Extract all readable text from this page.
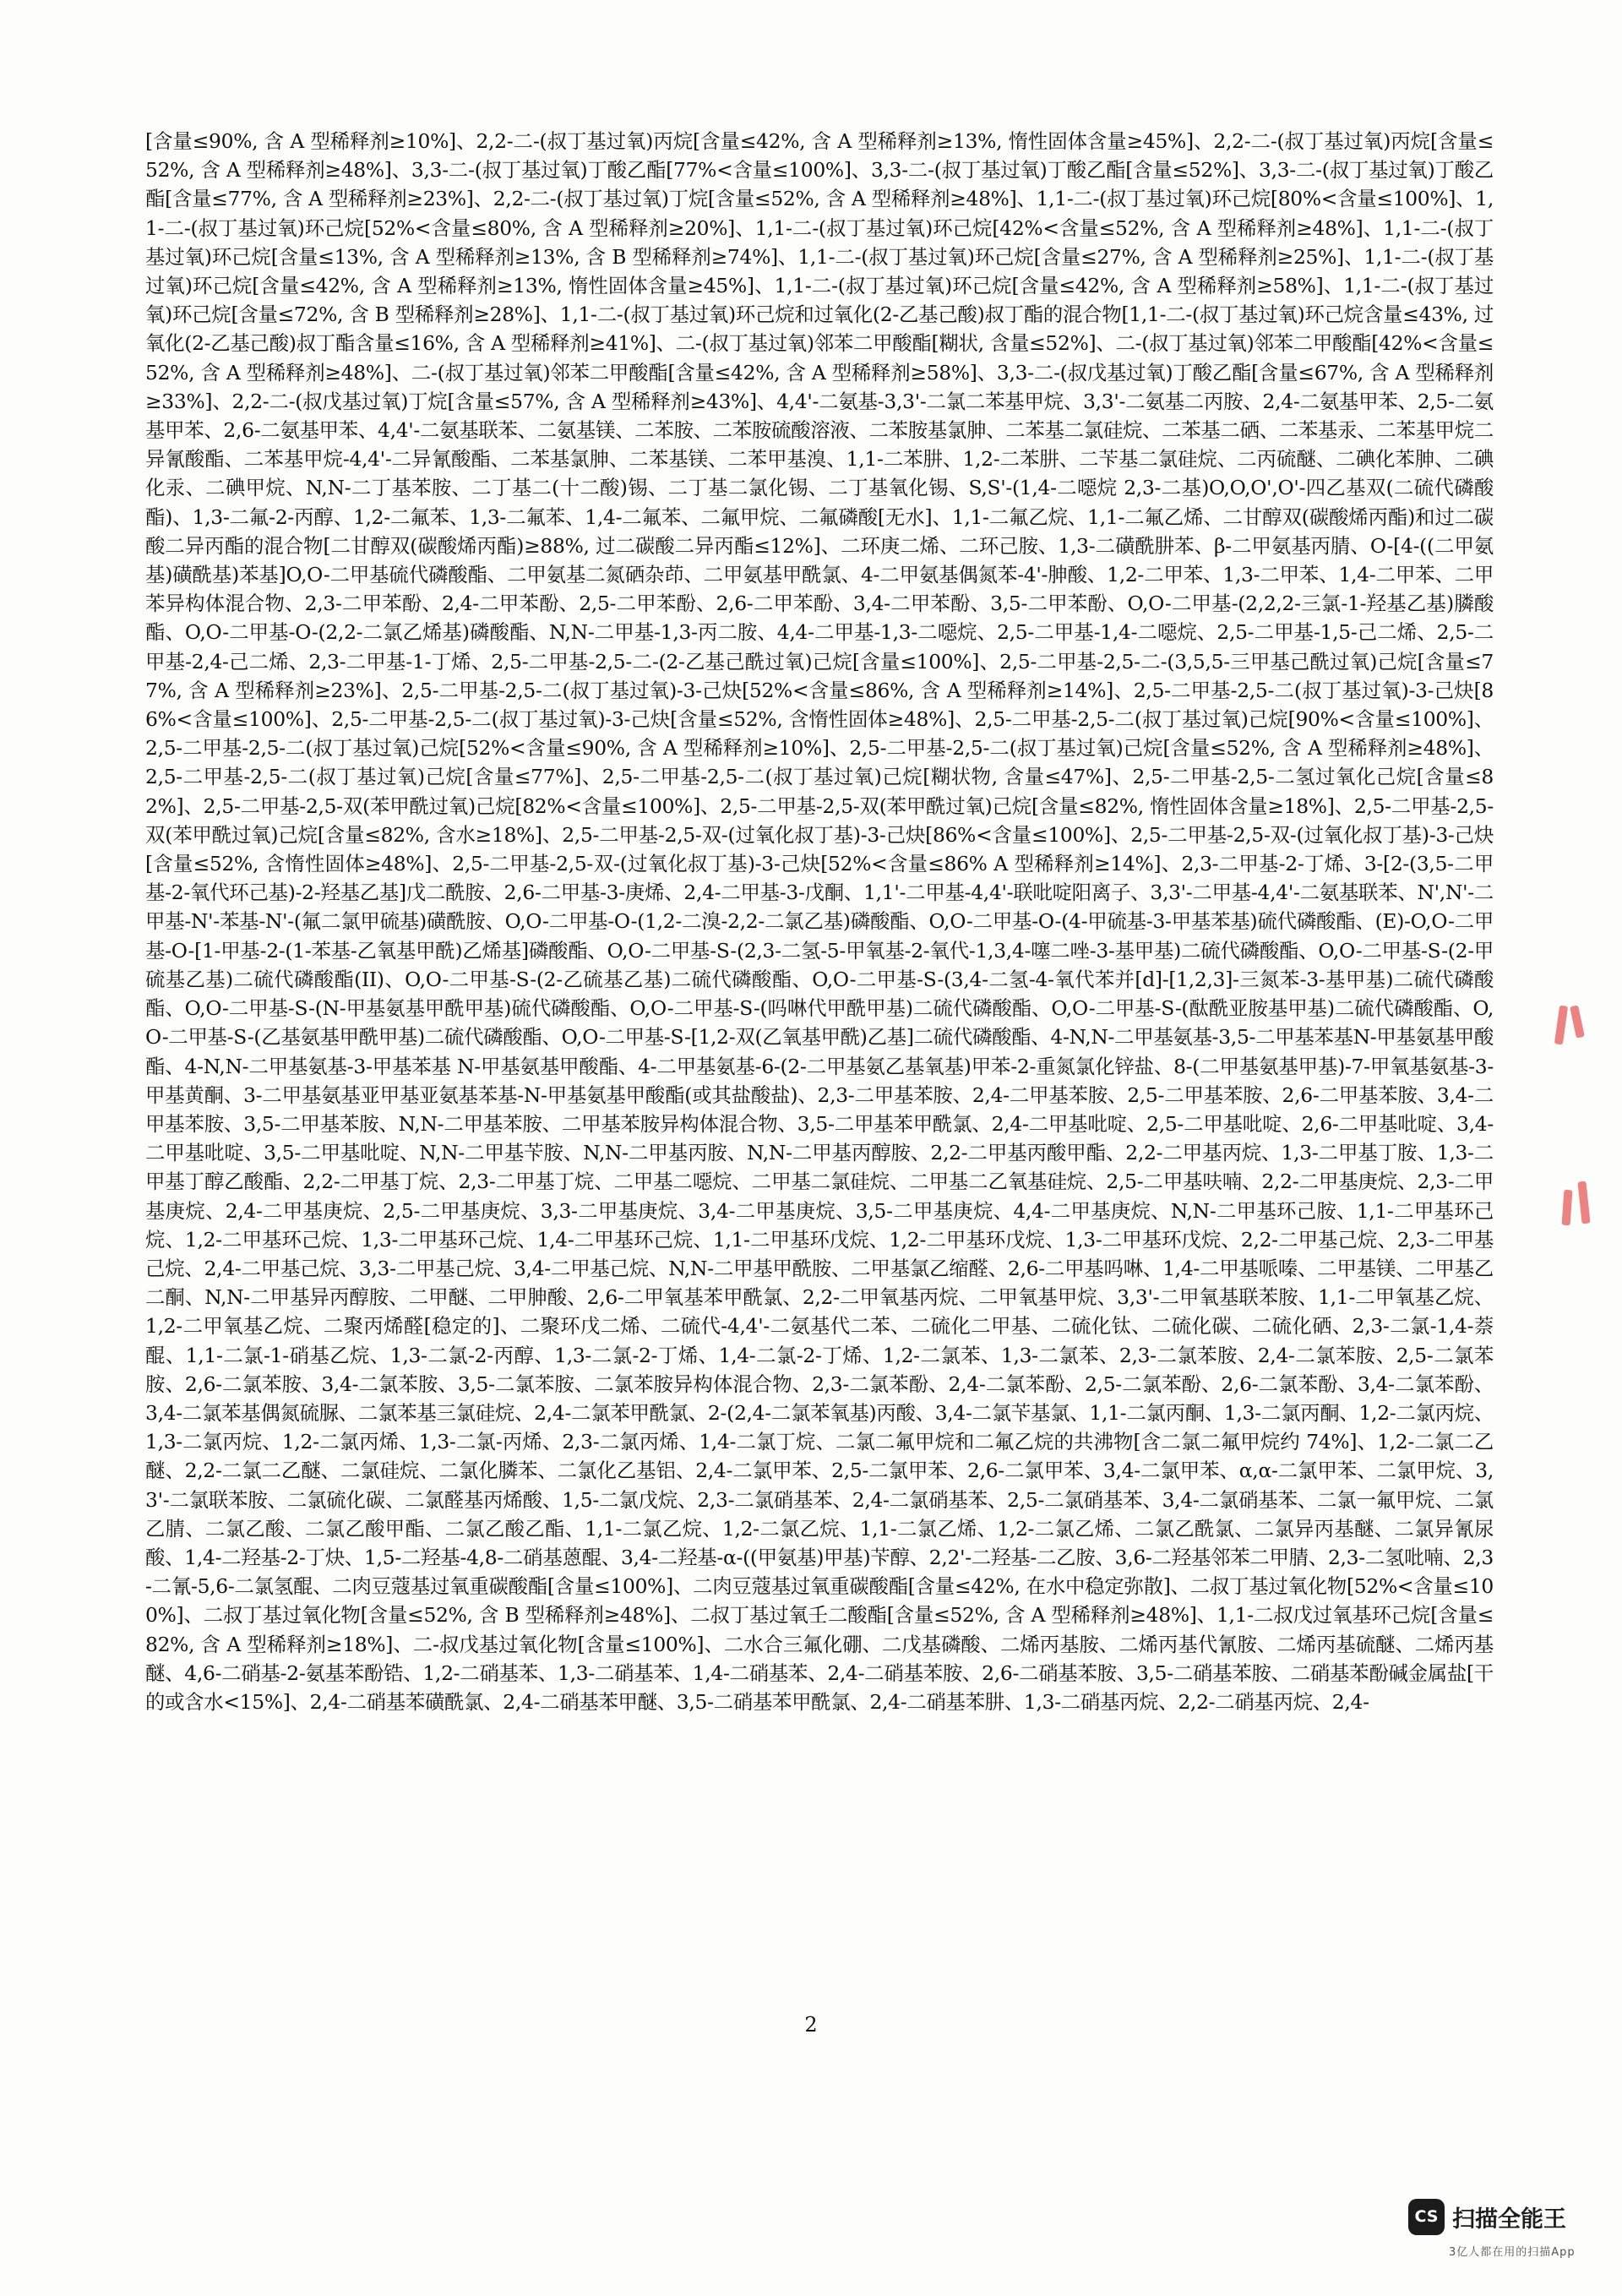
[含量≤90%, 含 A 型稀释剂≥10%]、2,2-二-(叔丁基过氧)丙烷[含量≤42%, 含 A 型稀释剂≥13%, 惰性固体含量≥45%]、2,2-二-(叔丁基过氧)丙烷[含量≤52%, 含 A 型稀释剂≥48%]、3,3-二-(叔丁基过氧)丁酸乙酯[77%<含量≤100%]、3,3-二-(叔丁基过氧)丁酸乙酯[含量≤52%]、3,3-二-(叔丁基过氧)丁酸乙酯[含量≤77%, 含 A 型稀释剂≥23%]、2,2-二-(叔丁基过氧)丁烷[含量≤52%, 含 A 型稀释剂≥48%]、1,1-二-(叔丁基过氧)环己烷[80%<含量≤100%]、1,1-二-(叔丁基过氧)环己烷[52%<含量≤80%, 含 A 型稀释剂≥20%]、1,1-二-(叔丁基过氧)环己烷[42%<含量≤52%, 含 A 型稀释剂≥48%]、1,1-二-(叔丁基过氧)环己烷[含量≤13%, 含 A 型稀释剂≥13%, 含 B 型稀释剂≥74%]、1,1-二-(叔丁基过氧)环己烷[含量≤27%, 含 A 型稀释剂≥25%]、1,1-二-(叔丁基过氧)环己烷[含量≤42%, 含 A 型稀释剂≥13%, 惰性固体含量≥45%]、1,1-二-(叔丁基过氧)环己烷[含量≤42%, 含 A 型稀释剂≥58%]、1,1-二-(叔丁基过氧)环己烷[含量≤72%, 含 B 型稀释剂≥28%]、1,1-二-(叔丁基过氧)环己烷和过氧化(2-乙基己酸)叔丁酯的混合物[1,1-二-(叔丁基过氧)环己烷含量≤43%, 过氧化(2-乙基己酸)叔丁酯含量≤16%, 含 A 型稀释剂≥41%]、二-(叔丁基过氧)邻苯二甲酸酯[糊状, 含量≤52%]、二-(叔丁基过氧)邻苯二甲酸酯[42%<含量≤52%, 含 A 型稀释剂≥48%]、二-(叔丁基过氧)邻苯二甲酸酯[含量≤42%, 含 A 型稀释剂≥58%]、3,3-二-(叔戊基过氧)丁酸乙酯[含量≤67%, 含 A 型稀释剂≥33%]、2,2-二-(叔戊基过氧)丁烷[含量≤57%, 含 A 型稀释剂≥43%]、4,4'-二氨基-3,3'-二氯二苯基甲烷、3,3'-二氨基二丙胺、2,4-二氨基甲苯、2,5-二氨基甲苯、2,6-二氨基甲苯、4,4'-二氨基联苯、二氨基镁、二苯胺、二苯胺硫酸溶液、二苯胺基氯胂、二苯基二氯硅烷、二苯基二硒、二苯基汞、二苯基甲烷二异氰酸酯、二苯基甲烷-4,4'-二异氰酸酯、二苯基氯胂、二苯基镁、二苯甲基溴、1,1-二苯肼、1,2-二苯肼、二苄基二氯硅烷、二丙硫醚、二碘化苯胂、二碘化汞、二碘甲烷、N,N-二丁基苯胺、二丁基二(十二酸)锡、二丁基二氯化锡、二丁基氧化锡、S,S'-(1,4-二噁烷 2,3-二基)O,O,O',O'-四乙基双(二硫代磷酸酯)、1,3-二氟-2-丙醇、1,2-二氟苯、1,3-二氟苯、1,4-二氟苯、二氟甲烷、二氟磷酸[无水]、1,1-二氟乙烷、1,1-二氟乙烯、二甘醇双(碳酸烯丙酯)和过二碳酸二异丙酯的混合物[二甘醇双(碳酸烯丙酯)≥88%, 过二碳酸二异丙酯≤12%]、二环庚二烯、二环己胺、1,3-二磺酰肼苯、β-二甲氨基丙腈、O-[4-((二甲氨基)磺酰基)苯基]O,O-二甲基硫代磷酸酯、二甲氨基二氮硒杂茚、二甲氨基甲酰氯、4-二甲氨基偶氮苯-4'-胂酸、1,2-二甲苯、1,3-二甲苯、1,4-二甲苯、二甲苯异构体混合物、2,3-二甲苯酚、2,4-二甲苯酚、2,5-二甲苯酚、2,6-二甲苯酚、3,4-二甲苯酚、3,5-二甲苯酚、O,O-二甲基-(2,2,2-三氯-1-羟基乙基)膦酸酯、O,O-二甲基-O-(2,2-二氯乙烯基)磷酸酯、N,N-二甲基-1,3-丙二胺、4,4-二甲基-1,3-二噁烷、2,5-二甲基-1,4-二噁烷、2,5-二甲基-1,5-己二烯、2,5-二甲基-2,4-己二烯、2,3-二甲基-1-丁烯、2,5-二甲基-2,5-二-(2-乙基己酰过氧)己烷[含量≤100%]、2,5-二甲基-2,5-二-(3,5,5-三甲基己酰过氧)己烷[含量≤77%, 含 A 型稀释剂≥23%]、2,5-二甲基-2,5-二(叔丁基过氧)-3-己炔[52%<含量≤86%, 含 A 型稀释剂≥14%]、2,5-二甲基-2,5-二(叔丁基过氧)-3-己炔[86%<含量≤100%]、2,5-二甲基-2,5-二(叔丁基过氧)-3-己炔[含量≤52%, 含惰性固体≥48%]、2,5-二甲基-2,5-二(叔丁基过氧)己烷[90%<含量≤100%]、2,5-二甲基-2,5-二(叔丁基过氧)己烷[52%<含量≤90%, 含 A 型稀释剂≥10%]、2,5-二甲基-2,5-二(叔丁基过氧)己烷[含量≤52%, 含 A 型稀释剂≥48%]、2,5-二甲基-2,5-二(叔丁基过氧)己烷[含量≤77%]、2,5-二甲基-2,5-二(叔丁基过氧)己烷[糊状物, 含量≤47%]、2,5-二甲基-2,5-二氢过氧化己烷[含量≤82%]、2,5-二甲基-2,5-双(苯甲酰过氧)己烷[82%<含量≤100%]、2,5-二甲基-2,5-双(苯甲酰过氧)己烷[含量≤82%, 惰性固体含量≥18%]、2,5-二甲基-2,5-双(苯甲酰过氧)己烷[含量≤82%, 含水≥18%]、2,5-二甲基-2,5-双-(过氧化叔丁基)-3-己炔[86%<含量≤100%]、2,5-二甲基-2,5-双-(过氧化叔丁基)-3-己炔[含量≤52%, 含惰性固体≥48%]、2,5-二甲基-2,5-双-(过氧化叔丁基)-3-己炔[52%<含量≤86% A 型稀释剂≥14%]、2,3-二甲基-2-丁烯、3-[2-(3,5-二甲基-2-氧代环己基)-2-羟基乙基]戊二酰胺、2,6-二甲基-3-庚烯、2,4-二甲基-3-戊酮、1,1'-二甲基-4,4'-联吡啶阳离子、3,3'-二甲基-4,4'-二氨基联苯、N',N'-二甲基-N'-苯基-N'-(氟二氯甲硫基)磺酰胺、O,O-二甲基-O-(1,2-二溴-2,2-二氯乙基)磷酸酯、O,O-二甲基-O-(4-甲硫基-3-甲基苯基)硫代磷酸酯、(E)-O,O-二甲基-O-[1-甲基-2-(1-苯基-乙氧基甲酰)乙烯基]磷酸酯、O,O-二甲基-S-(2,3-二氢-5-甲氧基-2-氧代-1,3,4-噻二唑-3-基甲基)二硫代磷酸酯、O,O-二甲基-S-(2-甲硫基乙基)二硫代磷酸酯(II)、O,O-二甲基-S-(2-乙硫基乙基)二硫代磷酸酯、O,O-二甲基-S-(3,4-二氢-4-氧代苯并[d]-[1,2,3]-三氮苯-3-基甲基)二硫代磷酸酯、O,O-二甲基-S-(N-甲基氨基甲酰甲基)硫代磷酸酯、O,O-二甲基-S-(吗啉代甲酰甲基)二硫代磷酸酯、O,O-二甲基-S-(酞酰亚胺基甲基)二硫代磷酸酯、O,O-二甲基-S-(乙基氨基甲酰甲基)二硫代磷酸酯、O,O-二甲基-S-[1,2-双(乙氧基甲酰)乙基]二硫代磷酸酯、4-N,N-二甲基氨基-3,5-二甲基苯基N-甲基氨基甲酸酯、4-N,N-二甲基氨基-3-甲基苯基 N-甲基氨基甲酸酯、4-二甲基氨基-6-(2-二甲基氨乙基氧基)甲苯-2-重氮氯化锌盐、8-(二甲基氨基甲基)-7-甲氧基氨基-3-甲基黄酮、3-二甲基氨基亚甲基亚氨基苯基-N-甲基氨基甲酸酯(或其盐酸盐)、2,3-二甲基苯胺、2,4-二甲基苯胺、2,5-二甲基苯胺、2,6-二甲基苯胺、3,4-二甲基苯胺、3,5-二甲基苯胺、N,N-二甲基苯胺、二甲基苯胺异构体混合物、3,5-二甲基苯甲酰氯、2,4-二甲基吡啶、2,5-二甲基吡啶、2,6-二甲基吡啶、3,4-二甲基吡啶、3,5-二甲基吡啶、N,N-二甲基苄胺、N,N-二甲基丙胺、N,N-二甲基丙醇胺、2,2-二甲基丙酸甲酯、2,2-二甲基丙烷、1,3-二甲基丁胺、1,3-二甲基丁醇乙酸酯、2,2-二甲基丁烷、2,3-二甲基丁烷、二甲基二噁烷、二甲基二氯硅烷、二甲基二乙氧基硅烷、2,5-二甲基呋喃、2,2-二甲基庚烷、2,3-二甲基庚烷、2,4-二甲基庚烷、2,5-二甲基庚烷、3,3-二甲基庚烷、3,4-二甲基庚烷、3,5-二甲基庚烷、4,4-二甲基庚烷、N,N-二甲基环己胺、1,1-二甲基环己烷、1,2-二甲基环己烷、1,3-二甲基环己烷、1,4-二甲基环己烷、1,1-二甲基环戊烷、1,2-二甲基环戊烷、1,3-二甲基环戊烷、2,2-二甲基己烷、2,3-二甲基己烷、2,4-二甲基己烷、3,3-二甲基己烷、3,4-二甲基己烷、N,N-二甲基甲酰胺、二甲基氯乙缩醛、2,6-二甲基吗啉、1,4-二甲基哌嗪、二甲基镁、二甲基乙二酮、N,N-二甲基异丙醇胺、二甲醚、二甲胂酸、2,6-二甲氧基苯甲酰氯、2,2-二甲氧基丙烷、二甲氧基甲烷、3,3'-二甲氧基联苯胺、1,1-二甲氧基乙烷、1,2-二甲氧基乙烷、二聚丙烯醛[稳定的]、二聚环戊二烯、二硫代-4,4'-二氨基代二苯、二硫化二甲基、二硫化钛、二硫化碳、二硫化硒、2,3-二氯-1,4-萘醌、1,1-二氯-1-硝基乙烷、1,3-二氯-2-丙醇、1,3-二氯-2-丁烯、1,4-二氯-2-丁烯、1,2-二氯苯、1,3-二氯苯、2,3-二氯苯胺、2,4-二氯苯胺、2,5-二氯苯胺、2,6-二氯苯胺、3,4-二氯苯胺、3,5-二氯苯胺、二氯苯胺异构体混合物、2,3-二氯苯酚、2,4-二氯苯酚、2,5-二氯苯酚、2,6-二氯苯酚、3,4-二氯苯酚、3,4-二氯苯基偶氮硫脲、二氯苯基三氯硅烷、2,4-二氯苯甲酰氯、2-(2,4-二氯苯氧基)丙酸、3,4-二氯苄基氯、1,1-二氯丙酮、1,3-二氯丙酮、1,2-二氯丙烷、1,3-二氯丙烷、1,2-二氯丙烯、1,3-二氯-丙烯、2,3-二氯丙烯、1,4-二氯丁烷、二氯二氟甲烷和二氟乙烷的共沸物[含二氯二氟甲烷约 74%]、1,2-二氯二乙醚、2,2-二氯二乙醚、二氯硅烷、二氯化膦苯、二氯化乙基铝、2,4-二氯甲苯、2,5-二氯甲苯、2,6-二氯甲苯、3,4-二氯甲苯、α,α-二氯甲苯、二氯甲烷、3,3'-二氯联苯胺、二氯硫化碳、二氯醛基丙烯酸、1,5-二氯戊烷、2,3-二氯硝基苯、2,4-二氯硝基苯、2,5-二氯硝基苯、3,4-二氯硝基苯、二氯一氟甲烷、二氯乙腈、二氯乙酸、二氯乙酸甲酯、二氯乙酸乙酯、1,1-二氯乙烷、1,2-二氯乙烷、1,1-二氯乙烯、1,2-二氯乙烯、二氯乙酰氯、二氯异丙基醚、二氯异氰尿酸、1,4-二羟基-2-丁炔、1,5-二羟基-4,8-二硝基蒽醌、3,4-二羟基-α-((甲氨基)甲基)苄醇、2,2'-二羟基-二乙胺、3,6-二羟基邻苯二甲腈、2,3-二氢吡喃、2,3-二氰-5,6-二氯氢醌、二肉豆蔻基过氧重碳酸酯[含量≤100%]、二肉豆蔻基过氧重碳酸酯[含量≤42%, 在水中稳定弥散]、二叔丁基过氧化物[52%<含量≤100%]、二叔丁基过氧化物[含量≤52%, 含 B 型稀释剂≥48%]、二叔丁基过氧壬二酸酯[含量≤52%, 含 A 型稀释剂≥48%]、1,1-二叔戊过氧基环己烷[含量≤82%, 含 A 型稀释剂≥18%]、二-叔戊基过氧化物[含量≤100%]、二水合三氟化硼、二戊基磷酸、二烯丙基胺、二烯丙基代氰胺、二烯丙基硫醚、二烯丙基醚、4,6-二硝基-2-氨基苯酚锆、1,2-二硝基苯、1,3-二硝基苯、1,4-二硝基苯、2,4-二硝基苯胺、2,6-二硝基苯胺、3,5-二硝基苯胺、二硝基苯酚碱金属盐[干的或含水<15%]、2,4-二硝基苯磺酰氯、2,4-二硝基苯甲醚、3,5-二硝基苯甲酰氯、2,4-二硝基苯肼、1,3-二硝基丙烷、2,2-二硝基丙烷、2,4-
2
CS 扫描全能王
3亿人都在用的扫描App
